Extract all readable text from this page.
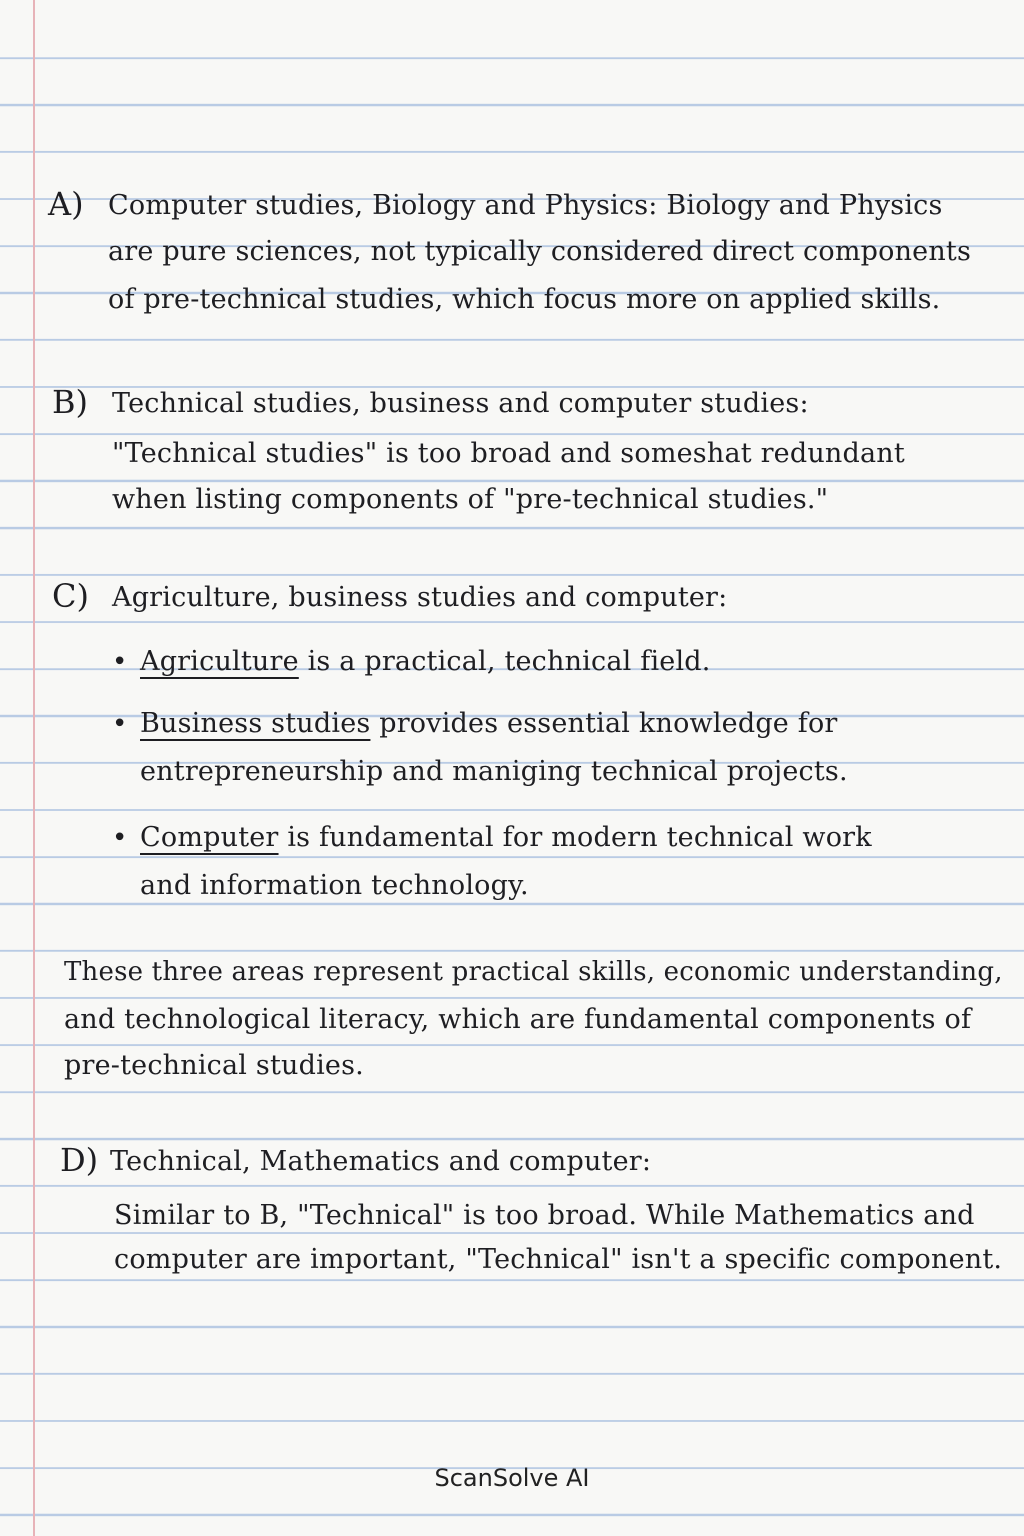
A) Computer studies, Biology and Physics: Biology and Physics
are pure sciences, not typically considered direct components
of pre-technical studies, which focus more on applied skills.
B) Technical studies, business and computer studies:
"Technical studies" is too broad and someshat redundant
when listing components of "pre-technical studies."
C) Agriculture, business studies and computer:
• Agriculture is a practical, technical field.
• Business studies provides essential knowledge for
entrepreneurship and maniging technical projects.
• Computer is fundamental for modern technical work
and information technology.
These three areas represent practical skills, economic understanding,
and technological literacy, which are fundamental components of
pre-technical studies.
D) Technical, Mathematics and computer:
Similar to B, "Technical" is too broad. While Mathematics and
computer are important, "Technical" isn't a specific component.
ScanSolve AI
